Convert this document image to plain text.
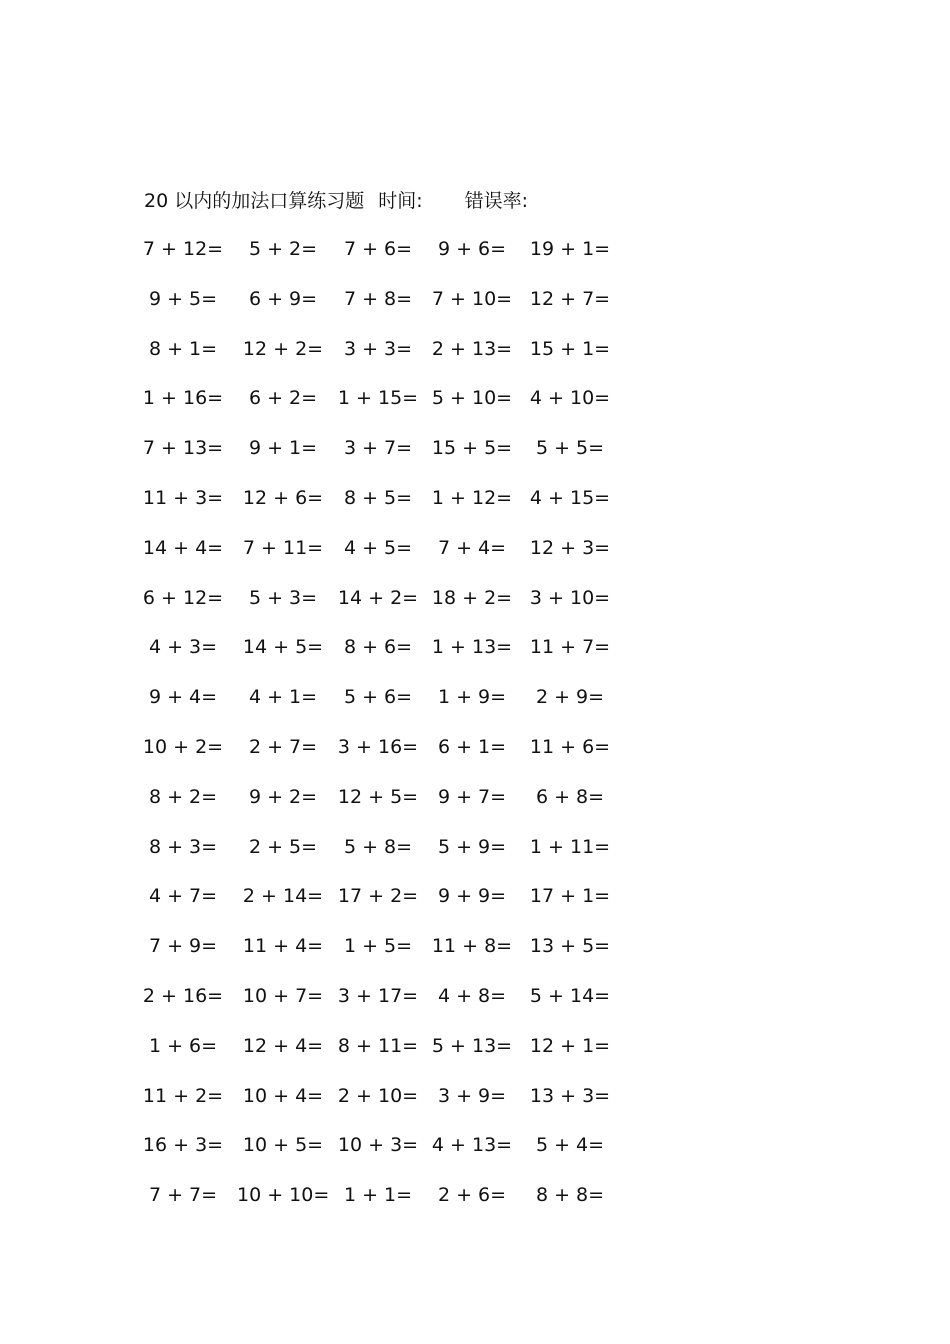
20 以内的加法口算练习题 时间: 错误率:
7 + 12=	5 + 2=	7 + 6=	9 + 6=	19 + 1=
9 + 5=	6 + 9=	7 + 8=	7 + 10= 12 + 7=
8 + 1=	12 + 2=	3 + 3=	2 + 13= 15 + 1=
1 + 16=	6 + 2=	1 + 15= 5 + 10= 4 + 10=
7 + 13=	9 + 1=	3 + 7=	15 + 5=	5 + 5=
11 + 3=	12 + 6=	8 + 5=	1 + 12= 4 + 15=
14 + 4=	7 + 11=	4 + 5=	7 + 4=	12 + 3=
6 + 12=	5 + 3=	14 + 2= 18 + 2= 3 + 10=
4 + 3=	14 + 5=	8 + 6=	1 + 13= 11 + 7=
9 + 4=	4 + 1=	5 + 6=	1 + 9=	2 + 9=
10 + 2=	2 + 7=	3 + 16=	6 + 1=	11 + 6=
8 + 2=	9 + 2=	12 + 5=	9 + 7=	6 + 8=
8 + 3=	2 + 5=	5 + 8=	5 + 9=	1 + 11=
4 + 7=	2 + 14= 17 + 2=	9 + 9=	17 + 1=
7 + 9=	11 + 4=	1 + 5=	11 + 8= 13 + 5=
2 + 16=	10 + 7= 3 + 17=	4 + 8=	5 + 14=
1 + 6=	12 + 4= 8 + 11= 5 + 13= 12 + 1=
11 + 2=	10 + 4= 2 + 10=	3 + 9=	13 + 3=
16 + 3=	10 + 5= 10 + 3= 4 + 13=	5 + 4=
7 + 7=	10 + 10= 1 + 1=	2 + 6=	8 + 8=
